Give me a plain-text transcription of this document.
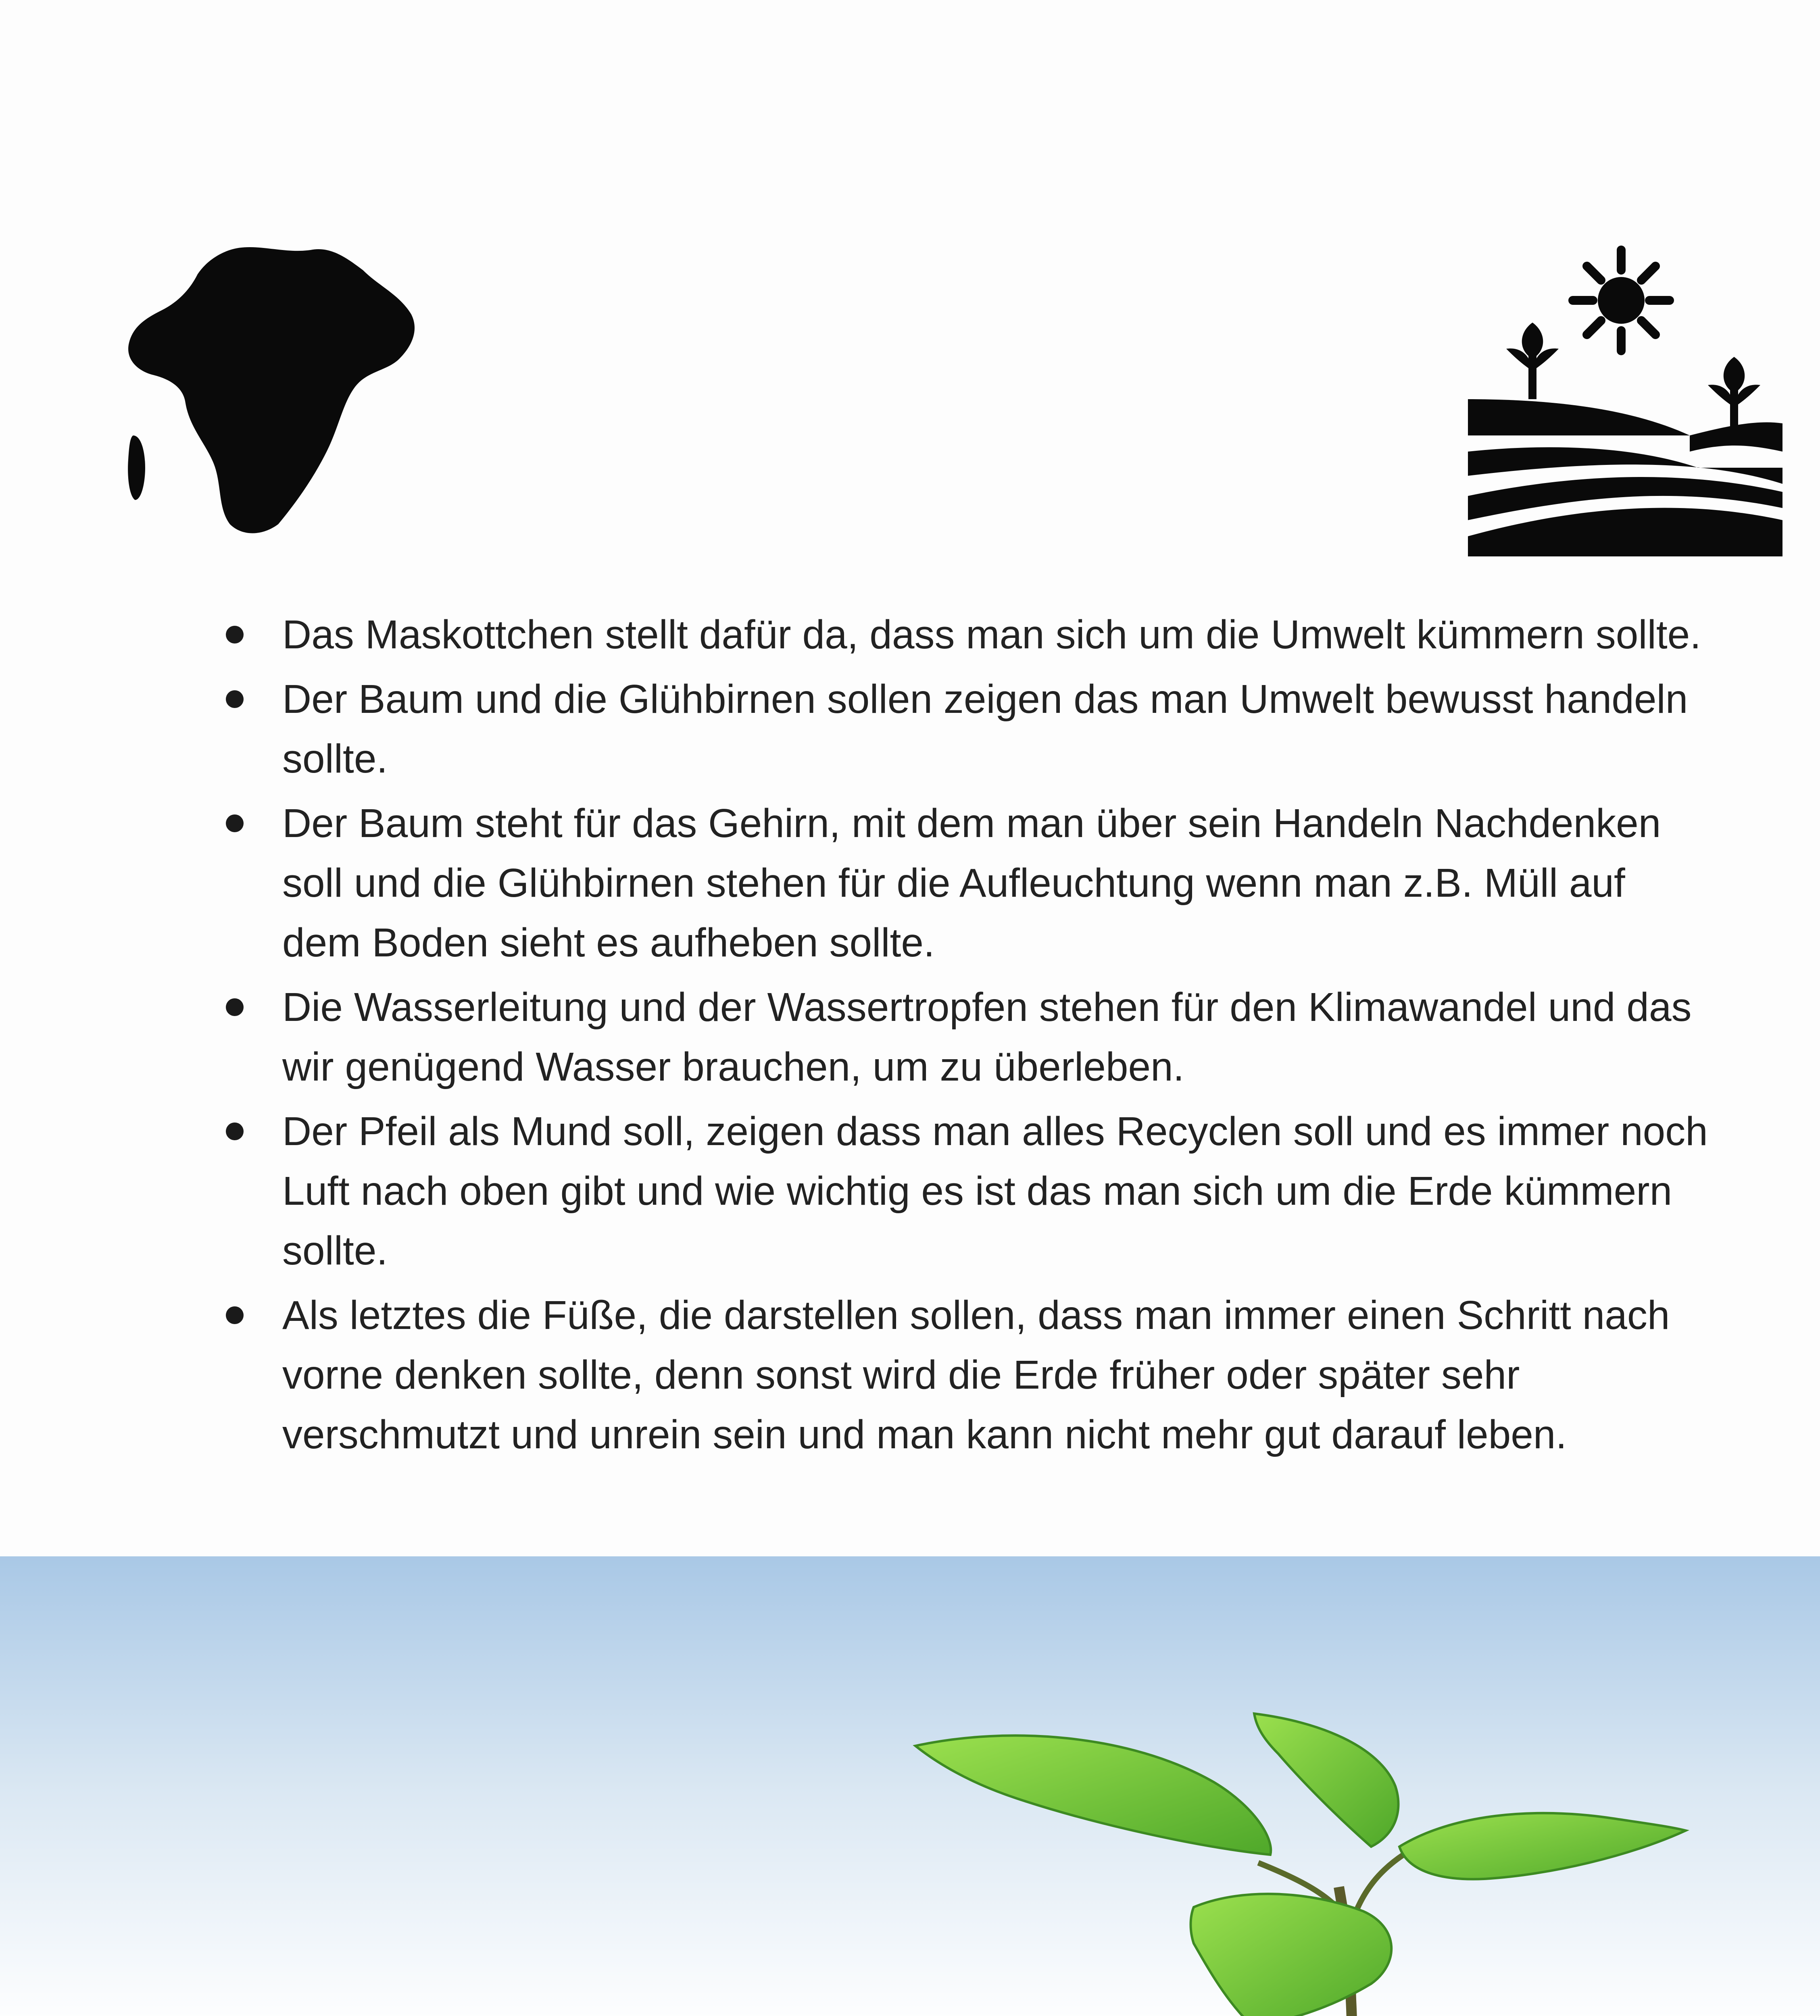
Das Maskottchen stellt dafür da, dass man sich um die Umwelt kümmern sollte.
Der Baum und die Glühbirnen sollen zeigen das man Umwelt bewusst handeln sollte.
Der Baum steht für das Gehirn, mit dem man über sein Handeln Nachdenken soll und die Glühbirnen stehen für die Aufleuchtung wenn man z.B. Müll auf dem Boden sieht es aufheben sollte.
Die Wasserleitung und der Wassertropfen stehen für den Klimawandel und das wir genügend Wasser brauchen, um zu überleben.
Der Pfeil als Mund soll, zeigen dass man alles Recyclen soll und es immer noch Luft nach oben gibt und wie wichtig es ist das man sich um die Erde kümmern sollte.
Als letztes die Füße, die darstellen sollen, dass man immer einen Schritt nach vorne denken sollte, denn sonst wird die Erde früher oder später sehr verschmutzt und unrein sein und man kann nicht mehr gut darauf leben.
